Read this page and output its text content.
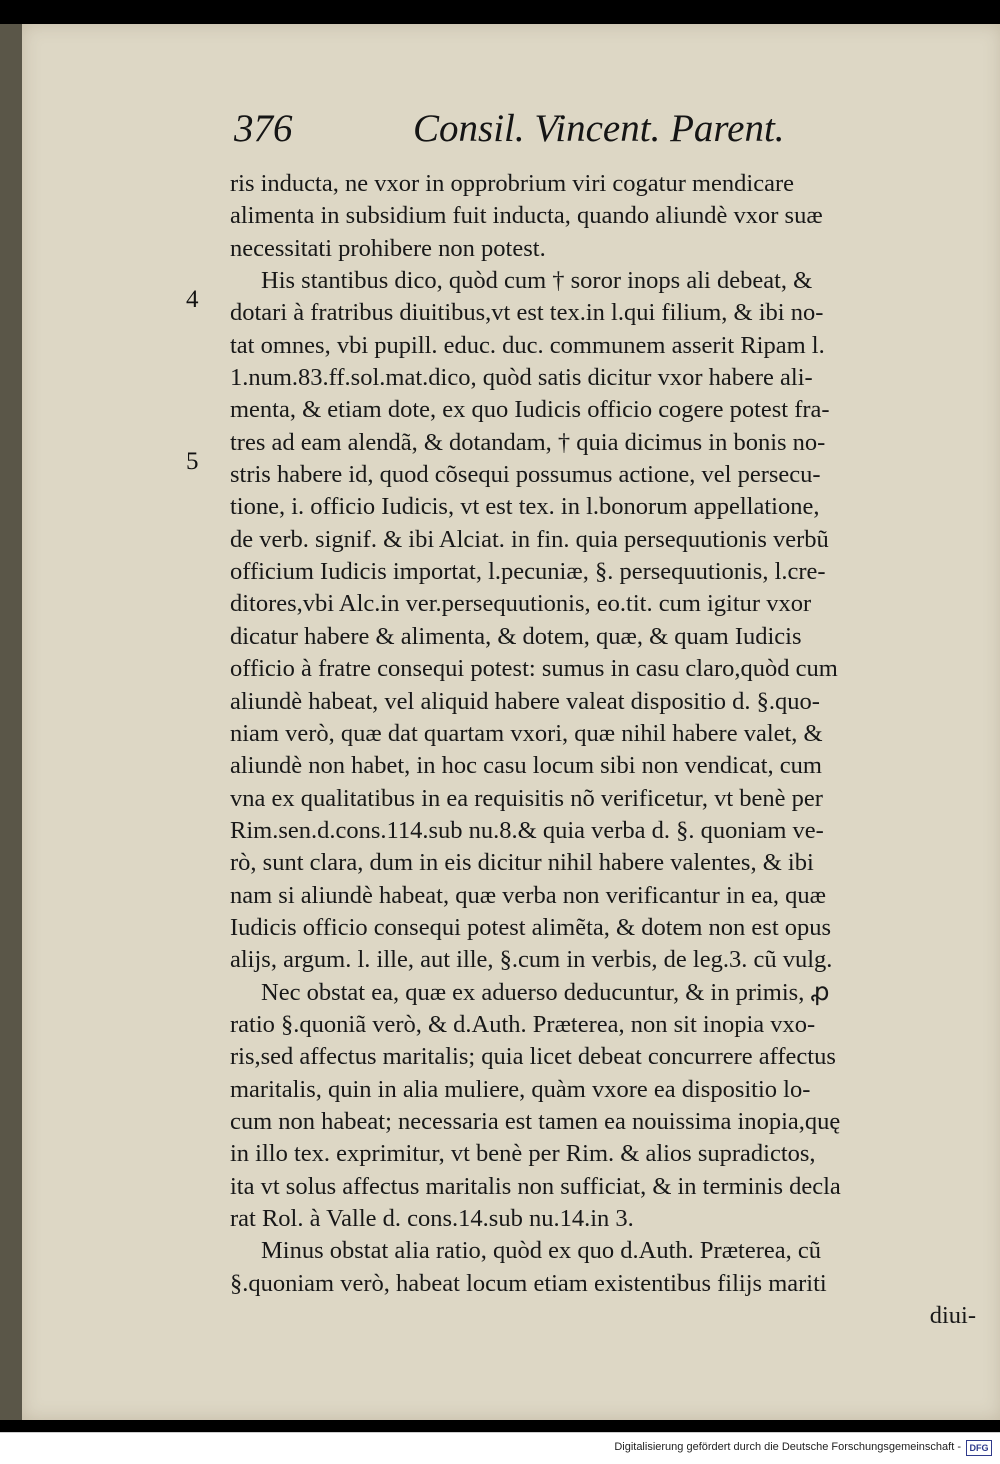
376	Consil. Vincent. Parent.
4
5
ris inducta, ne vxor in opprobrium viri cogatur mendicare
alimenta in subsidium fuit inducta, quando aliundè vxor suæ
necessitati prohibere non potest.
His stantibus dico, quòd cum † soror inops ali debeat, &
dotari à fratribus diuitibus,vt est tex.in l.qui filium, & ibi no-
tat omnes, vbi pupill. educ. duc. communem asserit Ripam l.
1.num.83.ff.sol.mat.dico, quòd satis dicitur vxor habere ali-
menta, & etiam dote, ex quo Iudicis officio cogere potest fra-
tres ad eam alendã, & dotandam, † quia dicimus in bonis no-
stris habere id, quod cõsequi possumus actione, vel persecu-
tione, i. officio Iudicis, vt est tex. in l.bonorum appellatione,
de verb. signif. & ibi Alciat. in fin. quia persequutionis verbũ
officium Iudicis importat, l.pecuniæ, §. persequutionis, l.cre-
ditores,vbi Alc.in ver.persequutionis, eo.tit. cum igitur vxor
dicatur habere & alimenta, & dotem, quæ, & quam Iudicis
officio à fratre consequi potest: sumus in casu claro,quòd cum
aliundè habeat, vel aliquid habere valeat dispositio d. §.quo-
niam verò, quæ dat quartam vxori, quæ nihil habere valet, &
aliundè non habet, in hoc casu locum sibi non vendicat, cum
vna ex qualitatibus in ea requisitis nõ verificetur, vt benè per
Rim.sen.d.cons.114.sub nu.8.& quia verba d. §. quoniam ve-
rò, sunt clara, dum in eis dicitur nihil habere valentes, & ibi
nam si aliundè habeat, quæ verba non verificantur in ea, quæ
Iudicis officio consequi potest alimẽta, & dotem non est opus
alijs, argum. l. ille, aut ille, §.cum in verbis, de leg.3. cũ vulg.
Nec obstat ea, quæ ex aduerso deducuntur, & in primis, ꝓ
ratio §.quoniã verò, & d.Auth. Præterea, non sit inopia vxo-
ris,sed affectus maritalis; quia licet debeat concurrere affectus
maritalis, quin in alia muliere, quàm vxore ea dispositio lo-
cum non habeat; necessaria est tamen ea nouissima inopia,quę
in illo tex. exprimitur, vt benè per Rim. & alios supradictos,
ita vt solus affectus maritalis non sufficiat, & in terminis decla
rat Rol. à Valle d. cons.14.sub nu.14.in 3.
Minus obstat alia ratio, quòd ex quo d.Auth. Præterea, cũ
§.quoniam verò, habeat locum etiam existentibus filijs mariti
diui-
Digitalisierung gefördert durch die Deutsche Forschungsgemeinschaft - DFG
